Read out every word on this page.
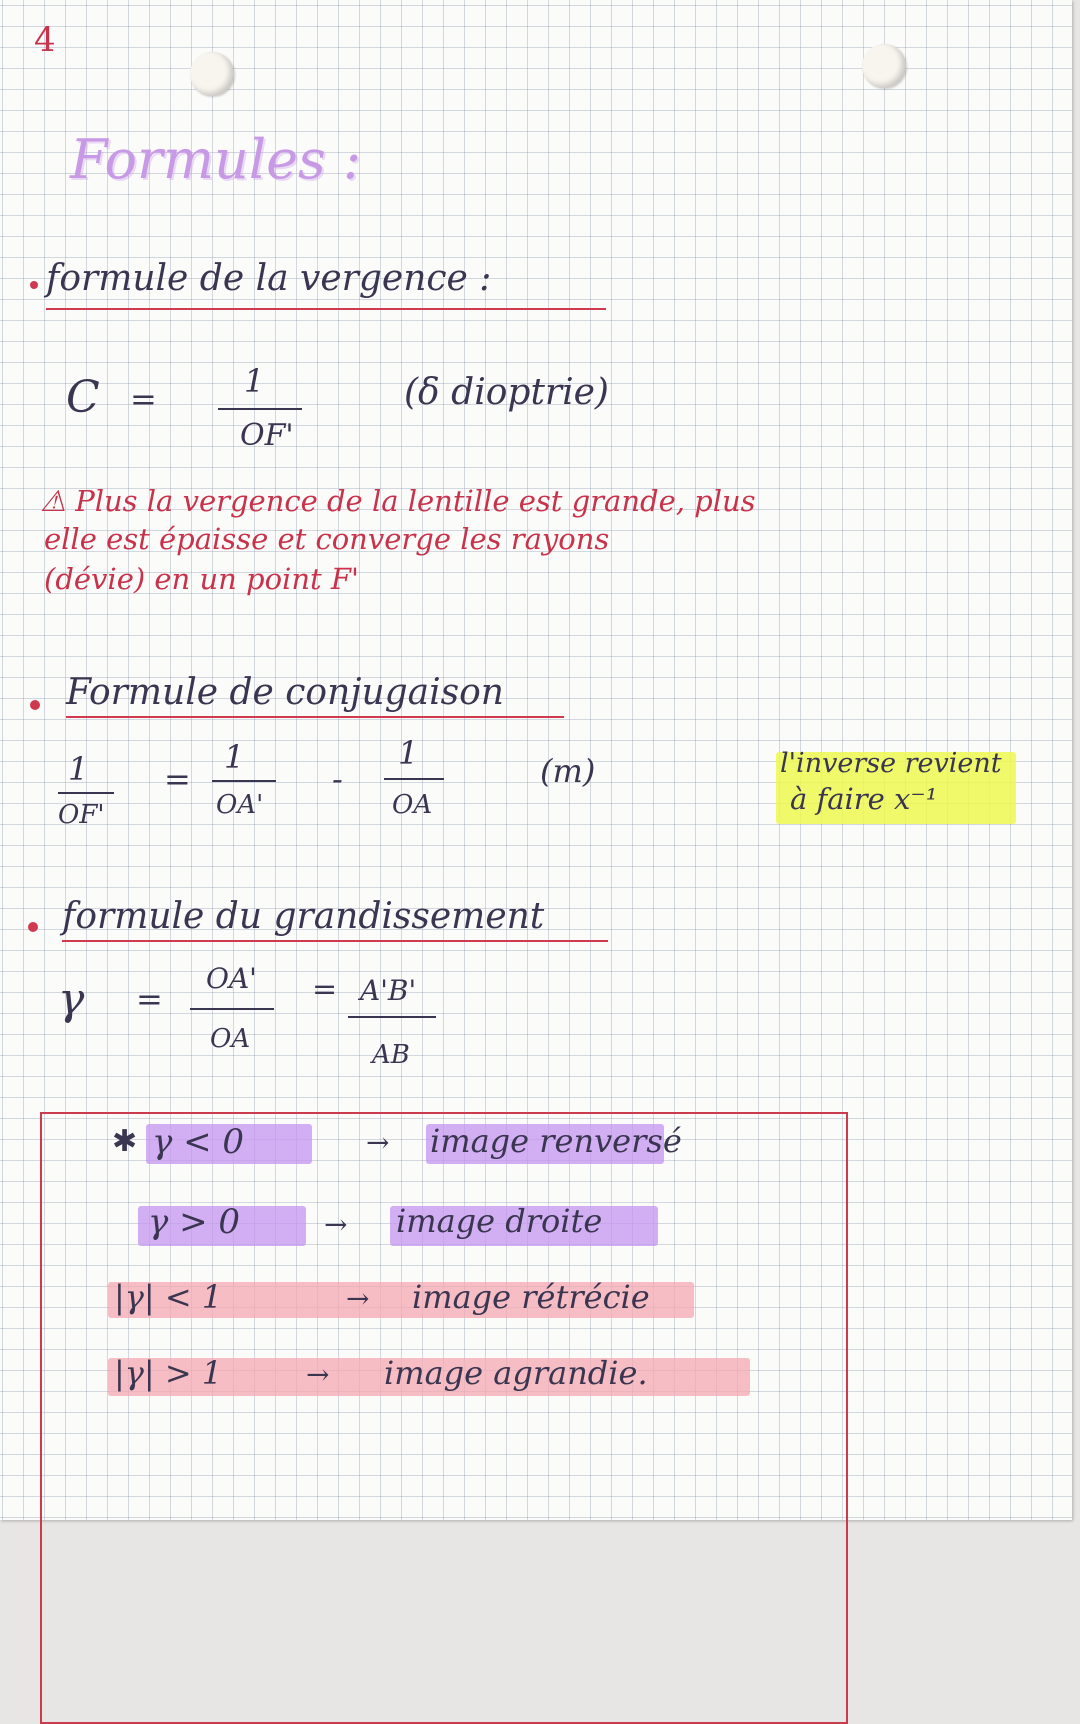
4
Formules :
formule de la vergence :
C =	1
OF'
(δ dioptrie)
⚠ Plus la vergence de la lentille est grande, plus
elle est épaisse et converge les rayons
(dévie) en un point F'
Formule de conjugaison
1
OF'
=
1
OA'
-
1
OA
(m)	l'inverse revient
à faire x⁻¹
formule du grandissement
γ =
OA'
OA
= A'B'
AB
✱ γ < 0	→ image renversé
γ > 0	→ image droite
|γ| < 1	→ image rétrécie
|γ| > 1	→ image agrandie.
